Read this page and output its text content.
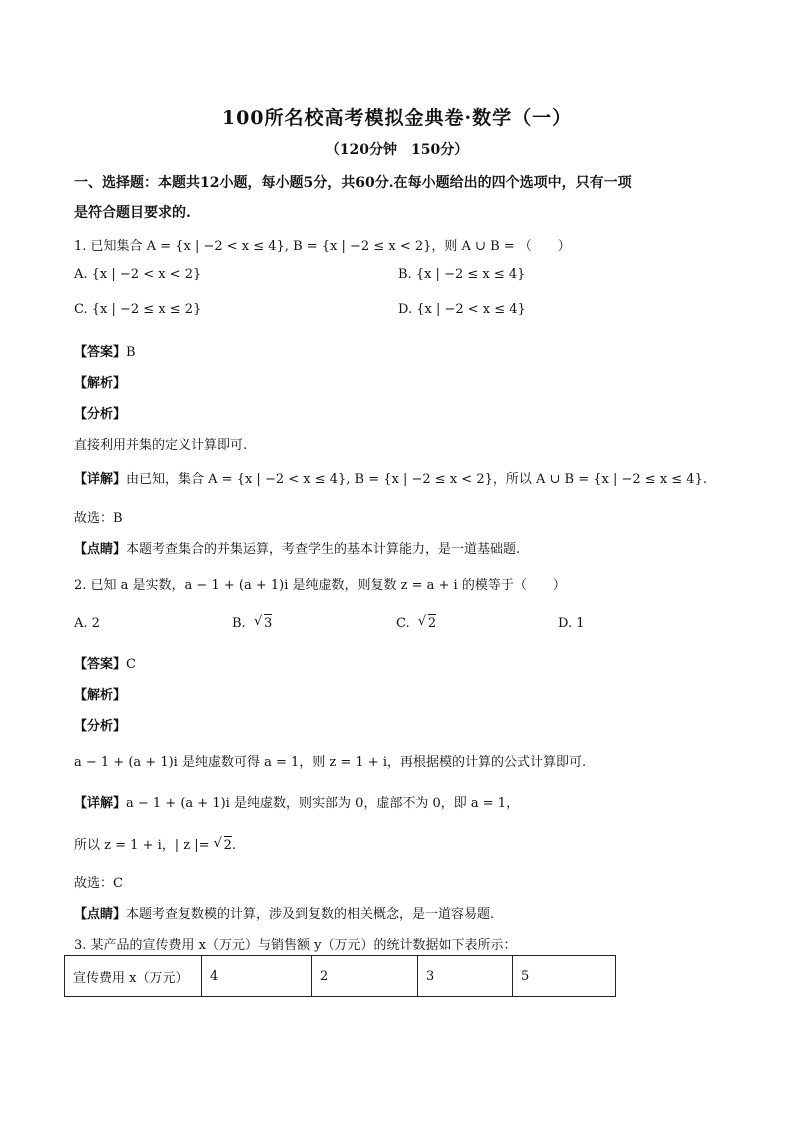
100所名校高考模拟金典卷·数学（一）
（120分钟　150分）
一、选择题：本题共12小题，每小题5分，共60分.在每小题给出的四个选项中，只有一项
是符合题目要求的.
1. 已知集合 A = {x | −2 < x ≤ 4}, B = {x | −2 ≤ x < 2}，则 A ∪ B = （　　）
A. {x | −2 < x < 2}	B. {x | −2 ≤ x ≤ 4}
C. {x | −2 ≤ x ≤ 2}	D. {x | −2 < x ≤ 4}
【答案】B
【解析】
【分析】
直接利用并集的定义计算即可.
【详解】由已知，集合 A = {x | −2 < x ≤ 4}, B = {x | −2 ≤ x < 2}，所以 A ∪ B = {x | −2 ≤ x ≤ 4}.
故选：B
【点睛】本题考查集合的并集运算，考查学生的基本计算能力，是一道基础题.
2. 已知 a 是实数，a − 1 + (a + 1)i 是纯虚数，则复数 z = a + i 的模等于（　　）
A. 2	B. √ 3	C. √ 2	D. 1
【答案】C
【解析】
【分析】
a − 1 + (a + 1)i 是纯虚数可得 a = 1，则 z = 1 + i，再根据模的计算的公式计算即可.
【详解】a − 1 + (a + 1)i 是纯虚数，则实部为 0，虚部不为 0，即 a = 1，
所以 z = 1 + i，| z |= √ 2.
故选：C
【点睛】本题考查复数模的计算，涉及到复数的相关概念，是一道容易题.
3. 某产品的宣传费用 x（万元）与销售额 y（万元）的统计数据如下表所示：
宣传费用 x（万元）	4	2	3	5
